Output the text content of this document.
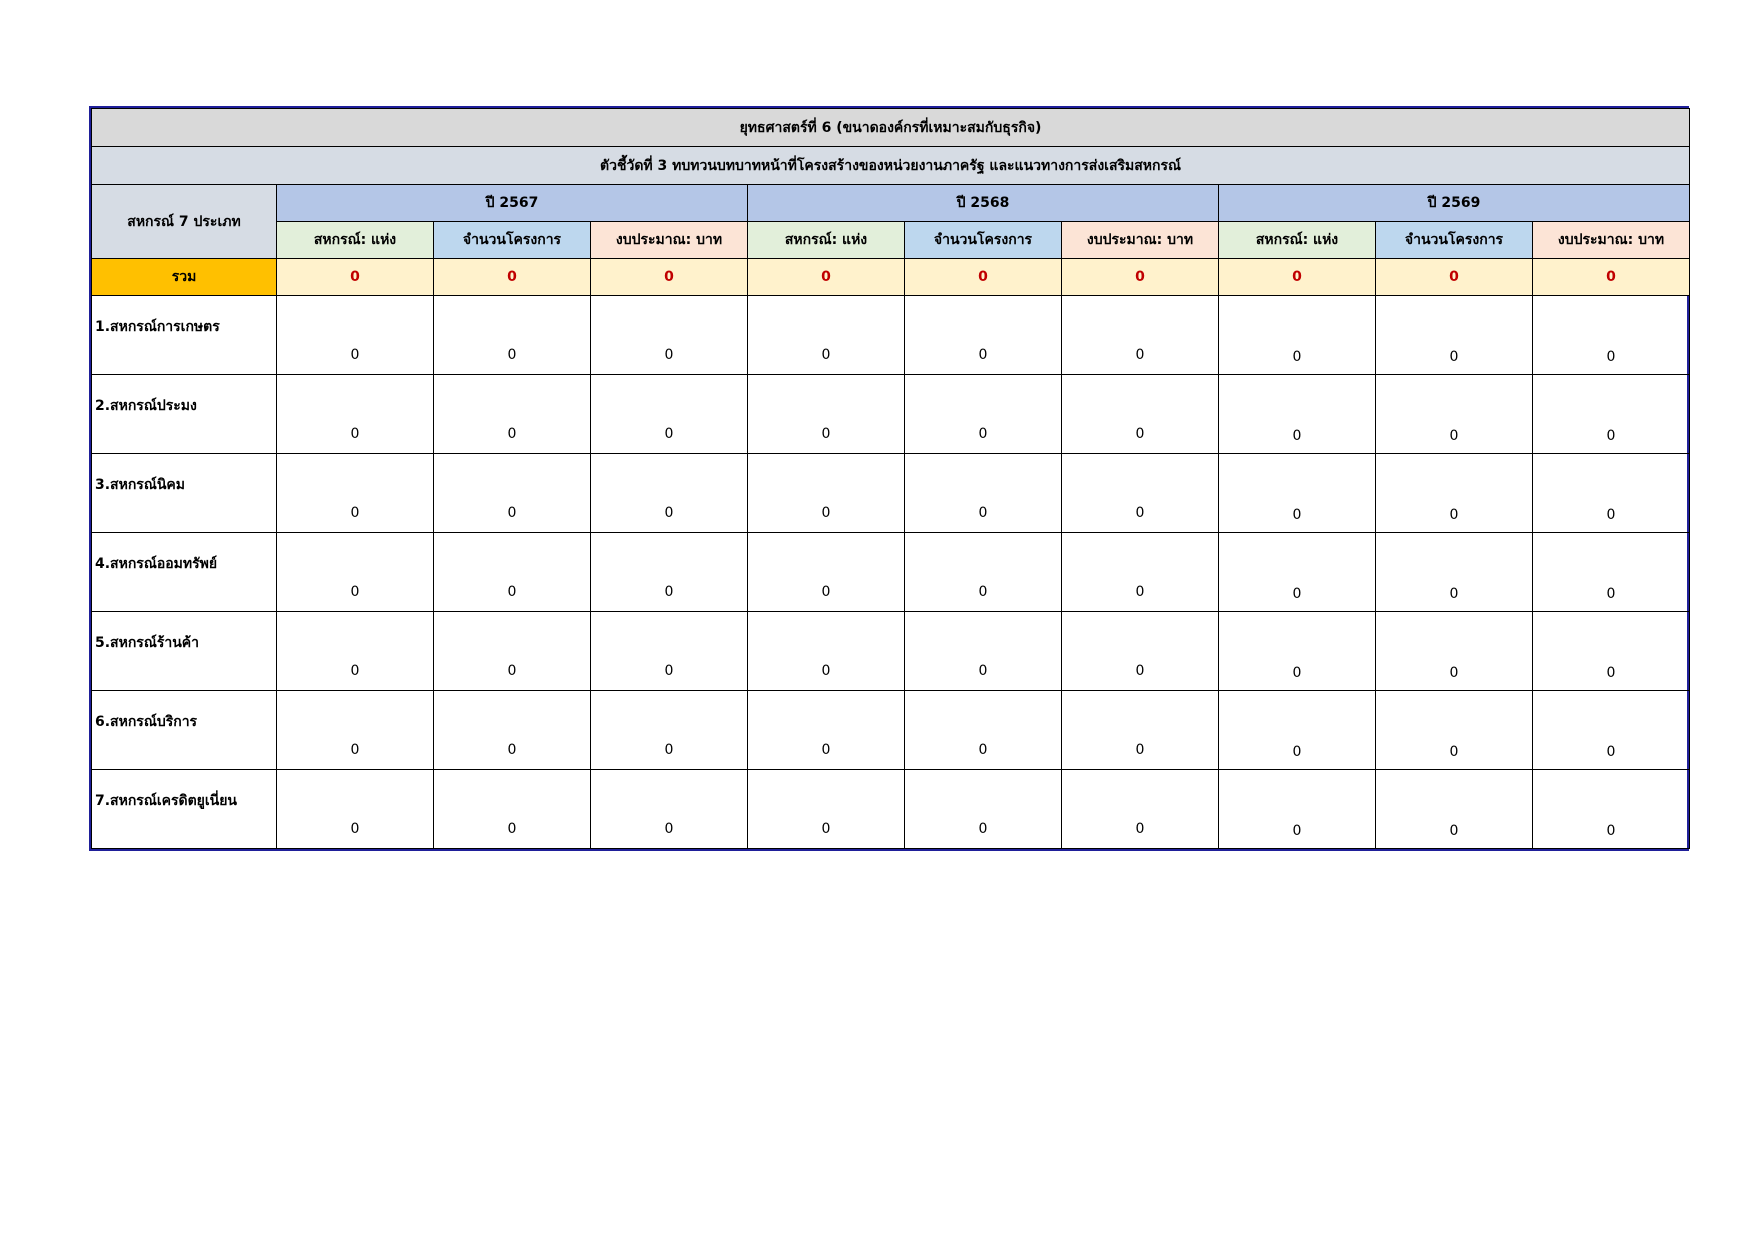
ยุทธศาสตร์ที่ 6 (ขนาดองค์กรที่เหมาะสมกับธุรกิจ)									
ตัวชี้วัดที่ 3 ทบทวนบทบาทหน้าที่โครงสร้างของหน่วยงานภาครัฐ และแนวทางการส่งเสริมสหกรณ์									
สหกรณ์ 7 ประเภท	ปี 2567			ปี 2568			ปี 2569		
	สหกรณ์: แห่ง	จำนวนโครงการ	งบประมาณ: บาท	สหกรณ์: แห่ง	จำนวนโครงการ	งบประมาณ: บาท	สหกรณ์: แห่ง	จำนวนโครงการ	งบประมาณ: บาท
รวม	0	0	0	0	0	0	0	0	0
1.สหกรณ์การเกษตร	0	0	0	0	0	0	0	0	0
2.สหกรณ์ประมง	0	0	0	0	0	0	0	0	0
3.สหกรณ์นิคม	0	0	0	0	0	0	0	0	0
4.สหกรณ์ออมทรัพย์	0	0	0	0	0	0	0	0	0
5.สหกรณ์ร้านค้า	0	0	0	0	0	0	0	0	0
6.สหกรณ์บริการ	0	0	0	0	0	0	0	0	0
7.สหกรณ์เครดิตยูเนี่ยน	0	0	0	0	0	0	0	0	0
